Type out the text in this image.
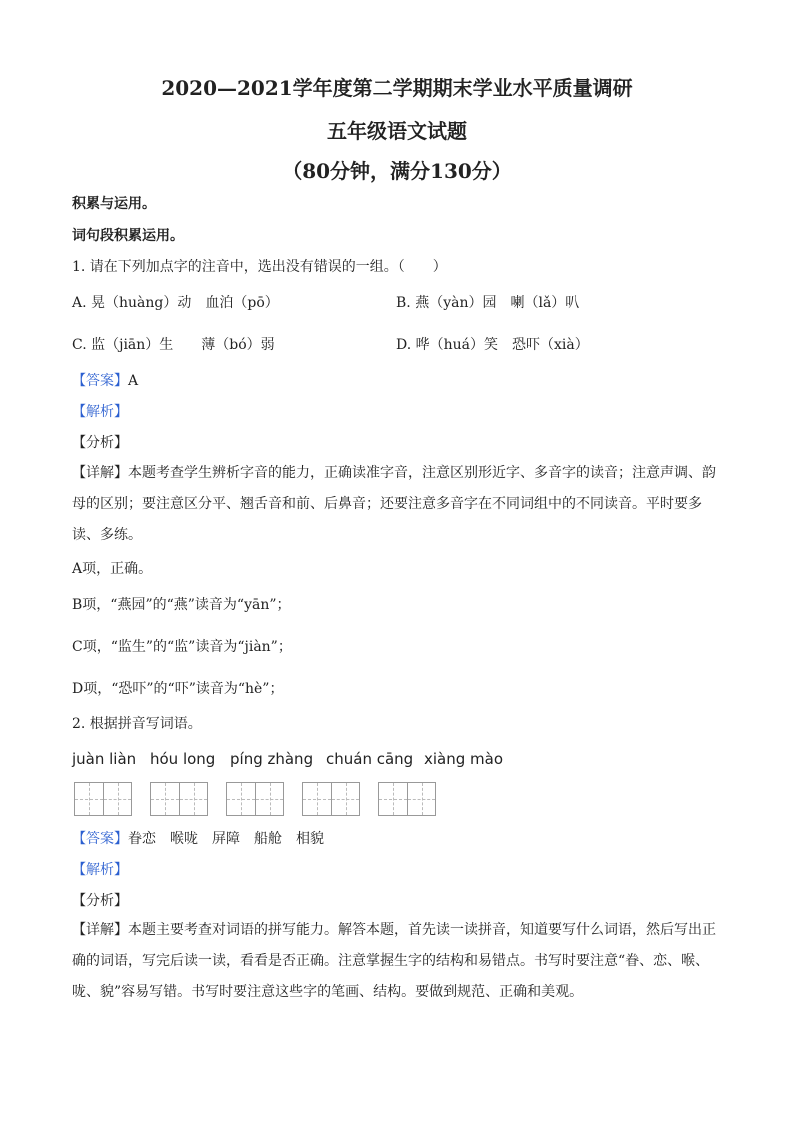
2020—2021学年度第二学期期末学业水平质量调研
五年级语文试题
（80分钟，满分130分）
积累与运用。
词句段积累运用。
1. 请在下列加点字的注音中，选出没有错误的一组。（　　）
A. 晃（huàng）动　血泊（pō）	B. 燕（yàn）园　喇（lǎ）叭
C. 监（jiān）生　　薄（bó）弱	D. 哗（huá）笑　恐吓（xià）
【答案】A
【解析】
【分析】
【详解】本题考查学生辨析字音的能力，正确读准字音，注意区别形近字、多音字的读音；注意声调、韵母的区别；要注意区分平、翘舌音和前、后鼻音；还要注意多音字在不同词组中的不同读音。平时要多读、多练。
A项，正确。
B项，“燕园”的“燕”读音为“yān”；
C项，“监生”的“监”读音为“jiàn”；
D项，“恐吓”的“吓”读音为“hè”；
2. 根据拼音写词语。
juàn liàn hóu long píng zhàng chuán cāng xiàng mào
【答案】眷恋　喉咙　屏障　船舱　相貌
【解析】
【分析】
【详解】本题主要考查对词语的拼写能力。解答本题，首先读一读拼音，知道要写什么词语，然后写出正确的词语，写完后读一读，看看是否正确。注意掌握生字的结构和易错点。书写时要注意“眷、恋、喉、咙、貌”容易写错。书写时要注意这些字的笔画、结构。要做到规范、正确和美观。
